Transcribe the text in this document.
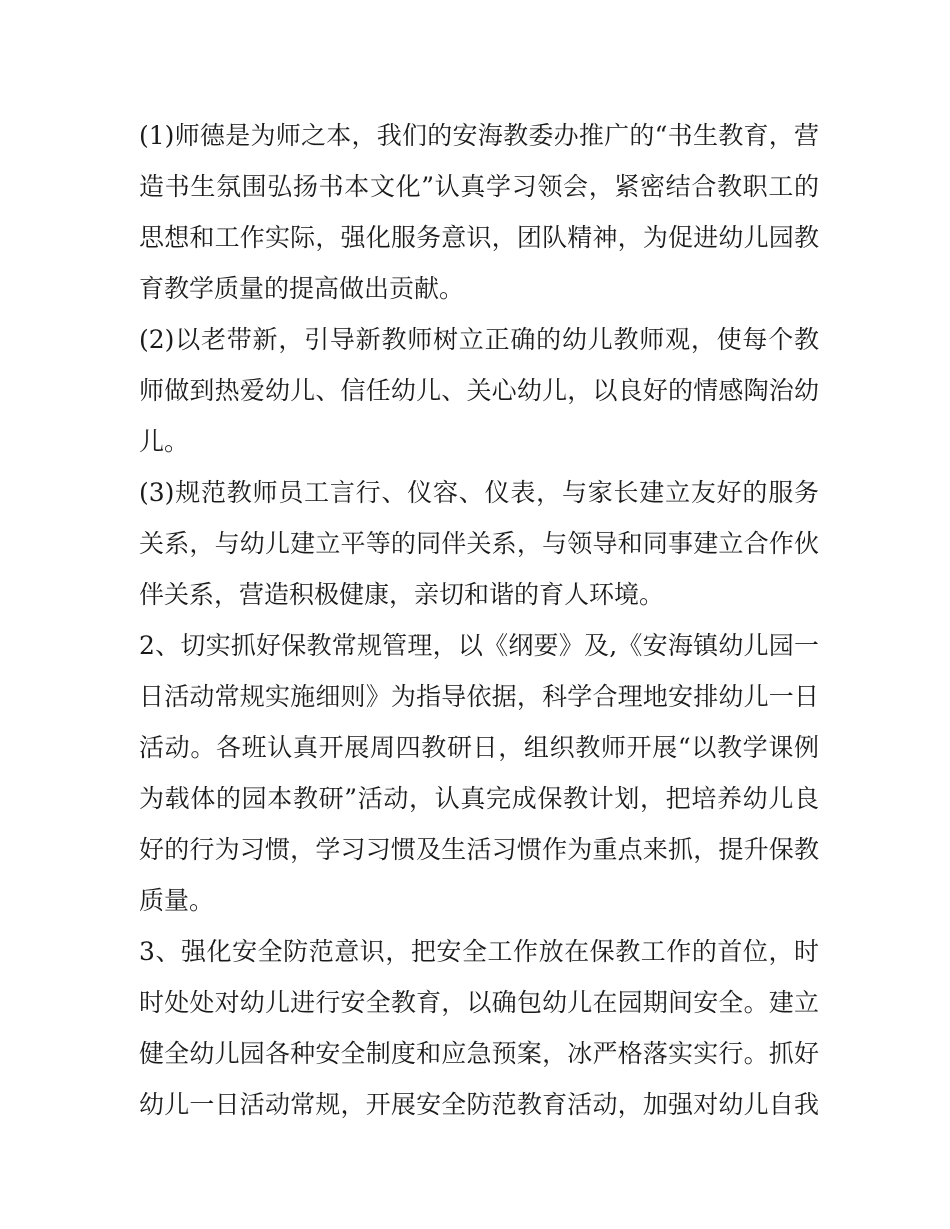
(1)师德是为师之本，我们的安海教委办推广的“书生教育，营
造书生氛围弘扬书本文化”认真学习领会，紧密结合教职工的
思想和工作实际，强化服务意识，团队精神，为促进幼儿园教
育教学质量的提高做出贡献。
(2)以老带新，引导新教师树立正确的幼儿教师观，使每个教
师做到热爱幼儿、信任幼儿、关心幼儿，以良好的情感陶治幼
儿。
(3)规范教师员工言行、仪容、仪表，与家长建立友好的服务
关系，与幼儿建立平等的同伴关系，与领导和同事建立合作伙
伴关系，营造积极健康，亲切和谐的育人环境。
2、切实抓好保教常规管理，以《纲要》及,《安海镇幼儿园一
日活动常规实施细则》为指导依据，科学合理地安排幼儿一日
活动。各班认真开展周四教研日，组织教师开展“以教学课例
为载体的园本教研”活动，认真完成保教计划，把培养幼儿良
好的行为习惯，学习习惯及生活习惯作为重点来抓，提升保教
质量。
3、强化安全防范意识，把安全工作放在保教工作的首位，时
时处处对幼儿进行安全教育，以确包幼儿在园期间安全。建立
健全幼儿园各种安全制度和应急预案，冰严格落实实行。抓好
幼儿一日活动常规，开展安全防范教育活动，加强对幼儿自我
